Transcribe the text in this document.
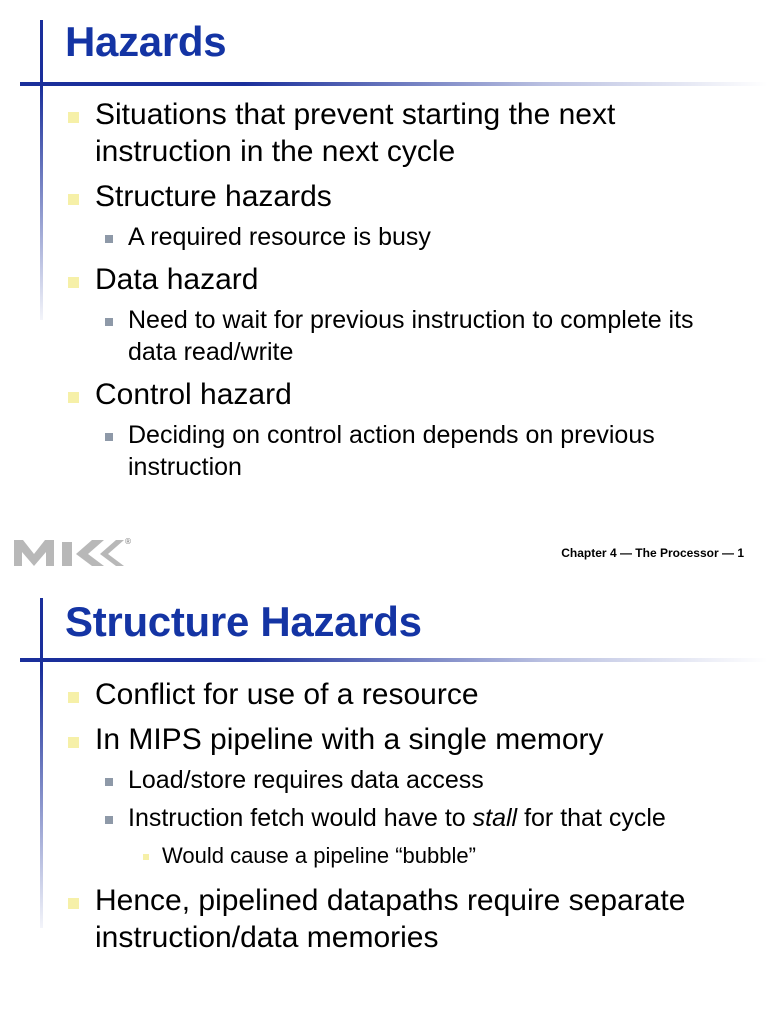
Hazards
Situations that prevent starting the next instruction in the next cycle
Structure hazards
A required resource is busy
Data hazard
Need to wait for previous instruction to complete its data read/write
Control hazard
Deciding on control action depends on previous instruction
®
Chapter 4 — The Processor — 1
Structure Hazards
Conflict for use of a resource
In MIPS pipeline with a single memory
Load/store requires data access
Instruction fetch would have to stall for that cycle
Would cause a pipeline “bubble”
Hence, pipelined datapaths require separate instruction/data memories
